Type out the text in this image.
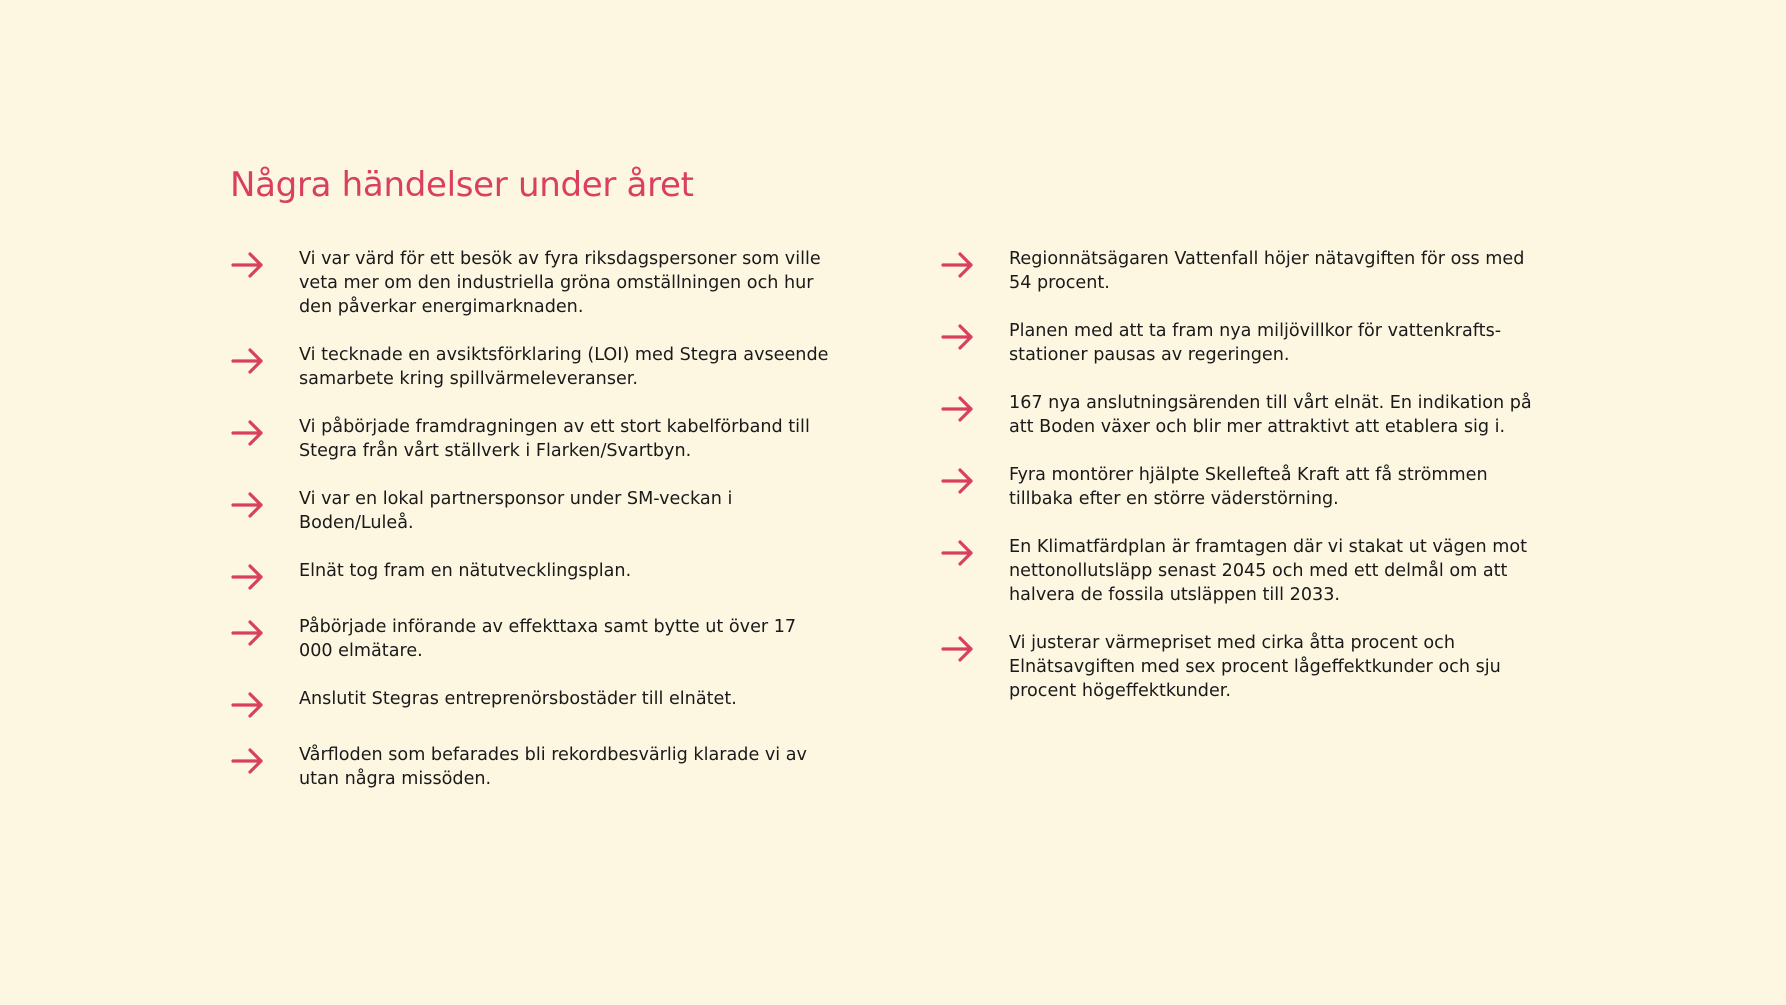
Några händelser under året
Vi var värd för ett besök av fyra riksdagspersoner som ville veta mer om den industriella gröna omställningen och hur den påverkar energimarknaden.
Vi tecknade en avsiktsförklaring (LOI) med Stegra avseende samarbete kring spillvärmeleveranser.
Vi påbörjade framdragningen av ett stort kabelförband till Stegra från vårt ställverk i Flarken/Svartbyn.
Vi var en lokal partnersponsor under SM-veckan i Boden/Luleå.
Elnät tog fram en nätutvecklingsplan.
Påbörjade införande av effekttaxa samt bytte ut över 17 000 elmätare.
Anslutit Stegras entreprenörsbostäder till elnätet.
Vårfloden som befarades bli rekordbesvärlig klarade vi av utan några missöden.
Regionnätsägaren Vattenfall höjer nätavgiften för oss med 54 procent.
Planen med att ta fram nya miljövillkor för vattenkrafts-stationer pausas av regeringen.
167 nya anslutningsärenden till vårt elnät. En indikation på att Boden växer och blir mer attraktivt att etablera sig i.
Fyra montörer hjälpte Skellefteå Kraft att få strömmen tillbaka efter en större väderstörning.
En Klimatfärdplan är framtagen där vi stakat ut vägen mot nettonollutsläpp senast 2045 och med ett delmål om att halvera de fossila utsläppen till 2033.
Vi justerar värmepriset med cirka åtta procent och Elnätsavgiften med sex procent lågeffektkunder och sju procent högeffektkunder.
